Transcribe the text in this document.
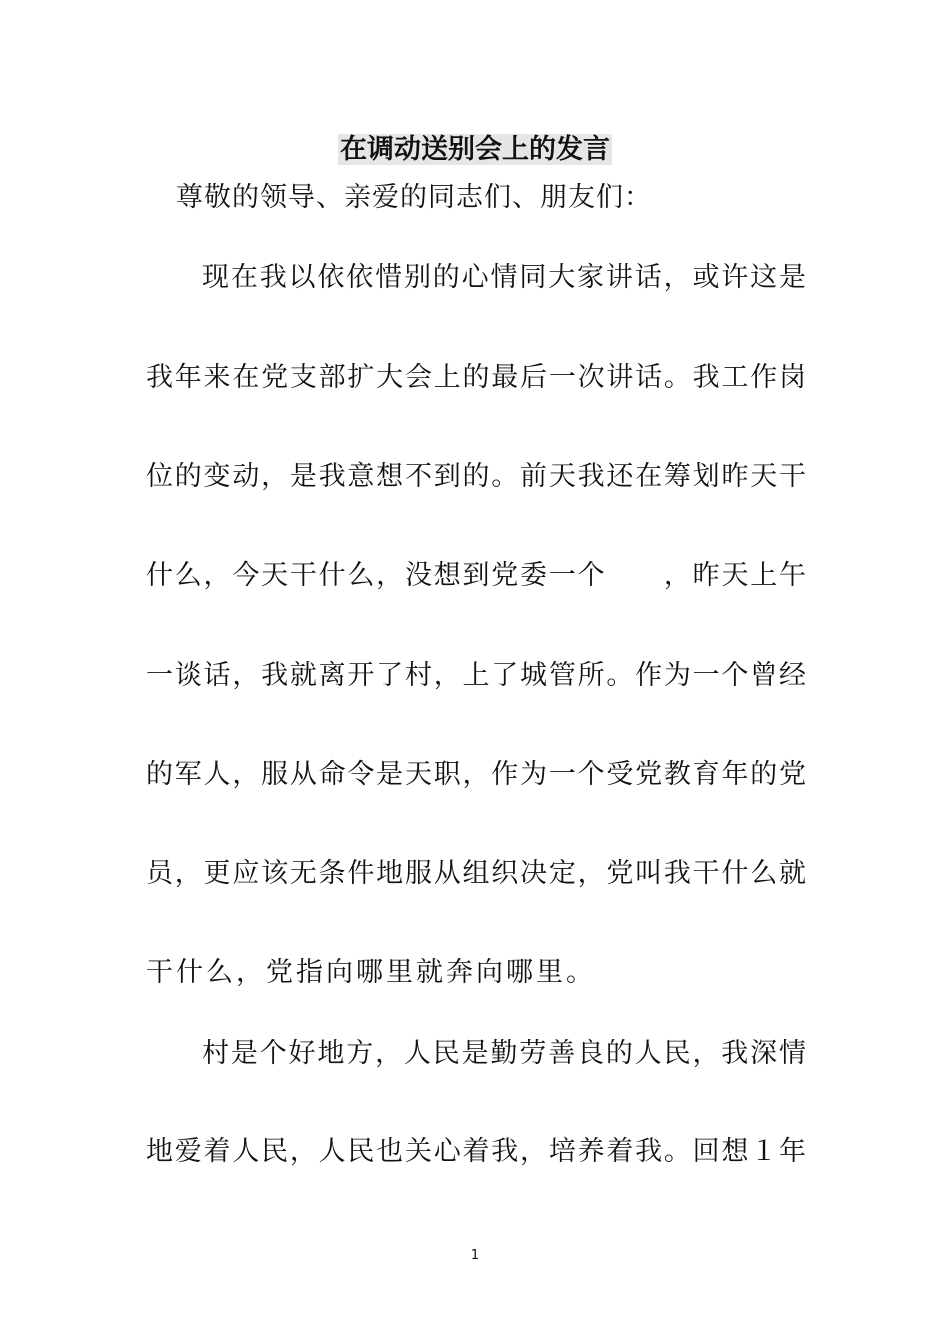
在调动送别会上的发言
尊敬的领导、亲爱的同志们、朋友们：
现在我以依依惜别的心情同大家讲话，或许这是
我年来在党支部扩大会上的最后一次讲话。我工作岗
位的变动，是我意想不到的。前天我还在筹划昨天干
什么，今天干什么，没想到党委一个　　，昨天上午
一谈话，我就离开了村，上了城管所。作为一个曾经
的军人，服从命令是天职，作为一个受党教育年的党
员，更应该无条件地服从组织决定，党叫我干什么就
干什么，党指向哪里就奔向哪里。
村是个好地方，人民是勤劳善良的人民，我深情
地爱着人民，人民也关心着我，培养着我。回想１年
1
